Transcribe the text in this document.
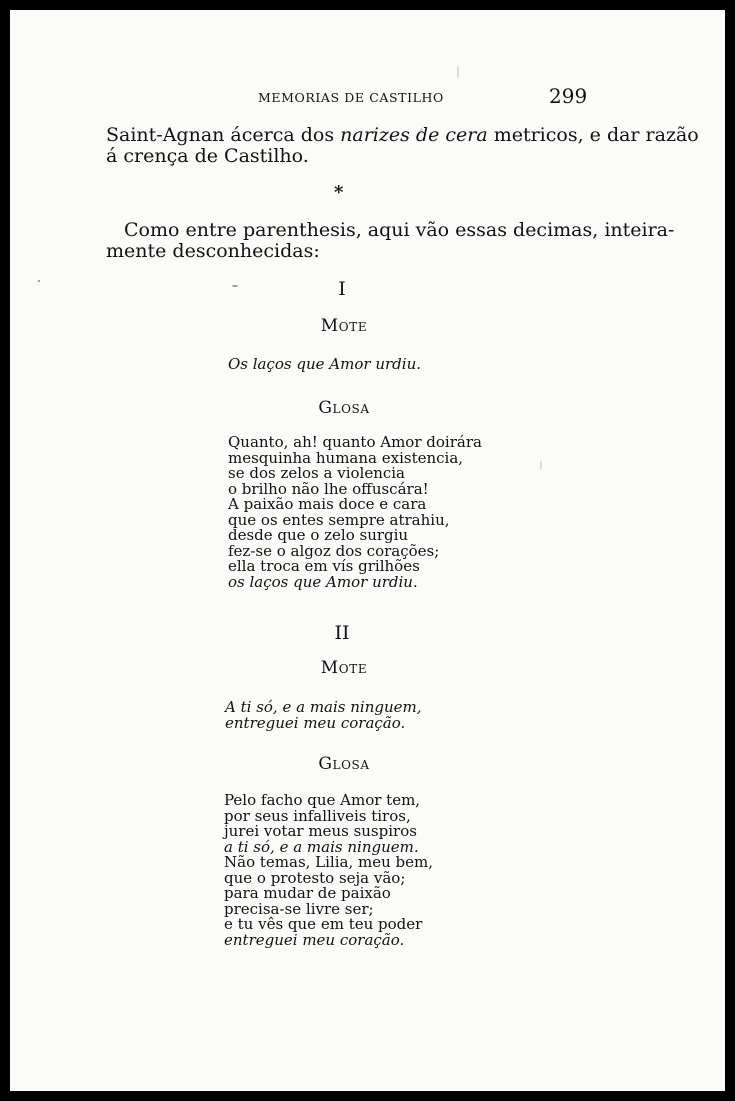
MEMORIAS DE CASTILHO	299

Saint-Agnan ácerca dos narizes de cera metricos, e dar razão

á crença de Castilho.

*

Como entre parenthesis, aqui vão essas decimas, inteira-

mente desconhecidas:

I
Mote
Os laços que Amor urdiu.
Glosa
Quanto, ah! quanto Amor doirára
mesquinha humana existencia,
se dos zelos a violencia
o brilho não lhe offuscára!
A paixão mais doce e cara
que os entes sempre atrahiu,
desde que o zelo surgiu
fez-se o algoz dos corações;
ella troca em vís grilhões
os laços que Amor urdiu.
II
Mote
A ti só, e a mais ninguem,
entreguei meu coração.
Glosa
Pelo facho que Amor tem,
por seus infalliveis tiros,
jurei votar meus suspiros
a ti só, e a mais ninguem.
Não temas, Lilia, meu bem,
que o protesto seja vão;
para mudar de paixão
precisa-se livre ser;
e tu vês que em teu poder
entreguei meu coração.
